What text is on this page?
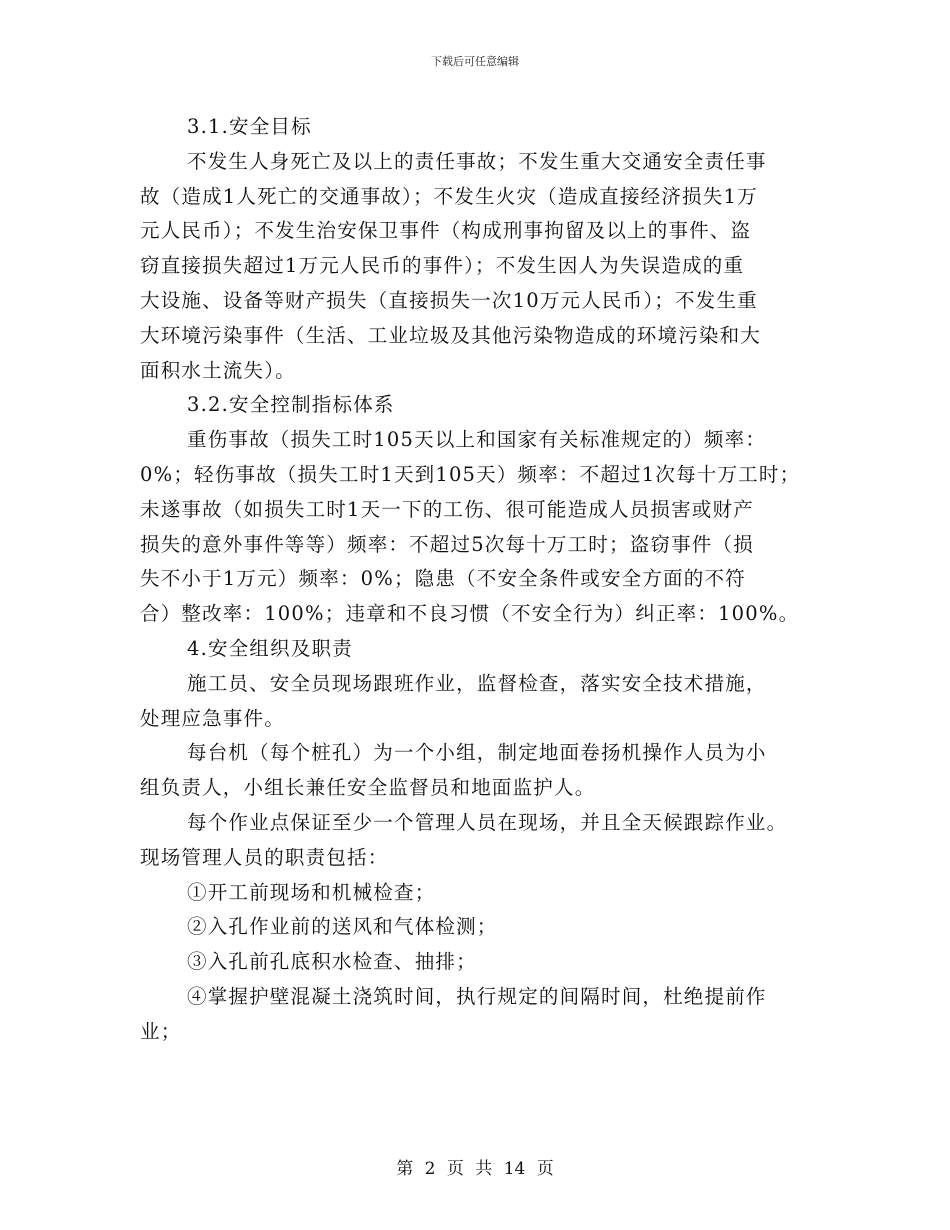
下载后可任意编辑
3.1.安全目标
不发生人身死亡及以上的责任事故；不发生重大交通安全责任事
故（造成1人死亡的交通事故）；不发生火灾（造成直接经济损失1万
元人民币）；不发生治安保卫事件（构成刑事拘留及以上的事件、盗
窃直接损失超过1万元人民币的事件）；不发生因人为失误造成的重
大设施、设备等财产损失（直接损失一次10万元人民币）；不发生重
大环境污染事件（生活、工业垃圾及其他污染物造成的环境污染和大
面积水土流失）。
3.2.安全控制指标体系
重伤事故（损失工时105天以上和国家有关标准规定的）频率：
0%；轻伤事故（损失工时1天到105天）频率：不超过1次每十万工时；
未遂事故（如损失工时1天一下的工伤、很可能造成人员损害或财产
损失的意外事件等等）频率：不超过5次每十万工时；盗窃事件（损
失不小于1万元）频率：0%；隐患（不安全条件或安全方面的不符
合）整改率：100%；违章和不良习惯（不安全行为）纠正率：100%。
4.安全组织及职责
施工员、安全员现场跟班作业，监督检查，落实安全技术措施，
处理应急事件。
每台机（每个桩孔）为一个小组，制定地面卷扬机操作人员为小
组负责人，小组长兼任安全监督员和地面监护人。
每个作业点保证至少一个管理人员在现场，并且全天候跟踪作业。
现场管理人员的职责包括：
①开工前现场和机械检查；
②入孔作业前的送风和气体检测；
③入孔前孔底积水检查、抽排；
④掌握护壁混凝土浇筑时间，执行规定的间隔时间，杜绝提前作
业；
第 2 页 共 14 页
